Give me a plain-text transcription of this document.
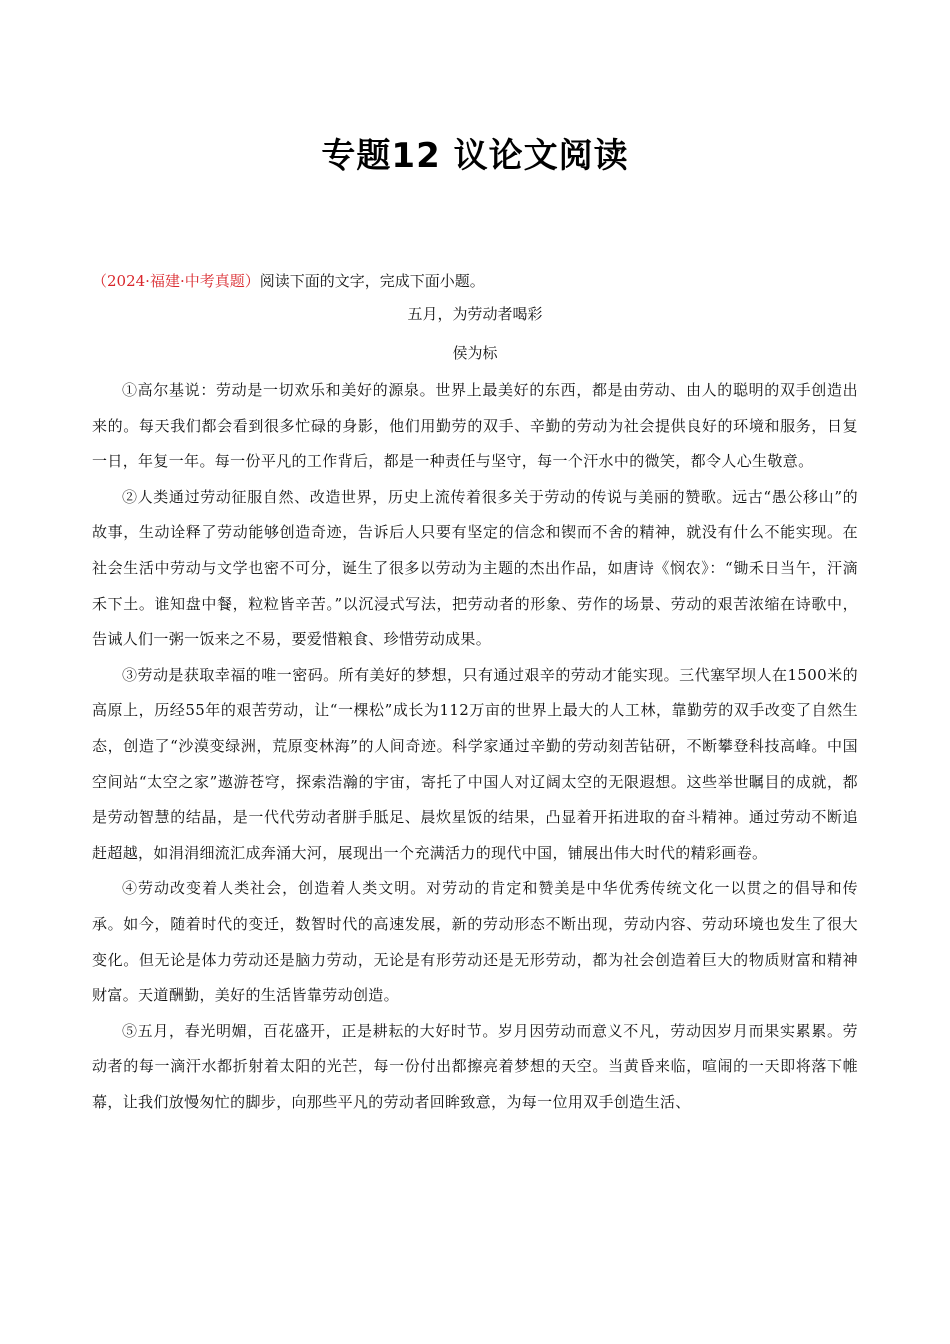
专题12 议论文阅读
（2024·福建·中考真题）阅读下面的文字，完成下面小题。
五月，为劳动者喝彩
侯为标

①高尔基说：劳动是一切欢乐和美好的源泉。世界上最美好的东西，都是由劳动、由人的聪明的双手创造出来的。每天我们都会看到很多忙碌的身影，他们用勤劳的双手、辛勤的劳动为社会提供良好的环境和服务，日复一日，年复一年。每一份平凡的工作背后，都是一种责任与坚守，每一个汗水中的微笑，都令人心生敬意。

②人类通过劳动征服自然、改造世界，历史上流传着很多关于劳动的传说与美丽的赞歌。远古“愚公移山”的故事，生动诠释了劳动能够创造奇迹，告诉后人只要有坚定的信念和锲而不舍的精神，就没有什么不能实现。在社会生活中劳动与文学也密不可分，诞生了很多以劳动为主题的杰出作品，如唐诗《悯农》：“锄禾日当午，汗滴禾下土。谁知盘中餐，粒粒皆辛苦。”以沉浸式写法，把劳动者的形象、劳作的场景、劳动的艰苦浓缩在诗歌中，告诫人们一粥一饭来之不易，要爱惜粮食、珍惜劳动成果。

③劳动是获取幸福的唯一密码。所有美好的梦想，只有通过艰辛的劳动才能实现。三代塞罕坝人在1500米的高原上，历经55年的艰苦劳动，让“一棵松”成长为112万亩的世界上最大的人工林，靠勤劳的双手改变了自然生态，创造了“沙漠变绿洲，荒原变林海”的人间奇迹。科学家通过辛勤的劳动刻苦钻研，不断攀登科技高峰。中国空间站“太空之家”遨游苍穹，探索浩瀚的宇宙，寄托了中国人对辽阔太空的无限遐想。这些举世瞩目的成就，都是劳动智慧的结晶，是一代代劳动者胼手胝足、晨炊星饭的结果，凸显着开拓进取的奋斗精神。通过劳动不断追赶超越，如涓涓细流汇成奔涌大河，展现出一个充满活力的现代中国，铺展出伟大时代的精彩画卷。

④劳动改变着人类社会，创造着人类文明。对劳动的肯定和赞美是中华优秀传统文化一以贯之的倡导和传承。如今，随着时代的变迁，数智时代的高速发展，新的劳动形态不断出现，劳动内容、劳动环境也发生了很大变化。但无论是体力劳动还是脑力劳动，无论是有形劳动还是无形劳动，都为社会创造着巨大的物质财富和精神财富。天道酬勤，美好的生活皆靠劳动创造。

⑤五月，春光明媚，百花盛开，正是耕耘的大好时节。岁月因劳动而意义不凡，劳动因岁月而果实累累。劳动者的每一滴汗水都折射着太阳的光芒，每一份付出都擦亮着梦想的天空。当黄昏来临，喧闹的一天即将落下帷幕，让我们放慢匆忙的脚步，向那些平凡的劳动者回眸致意，为每一位用双手创造生活、
